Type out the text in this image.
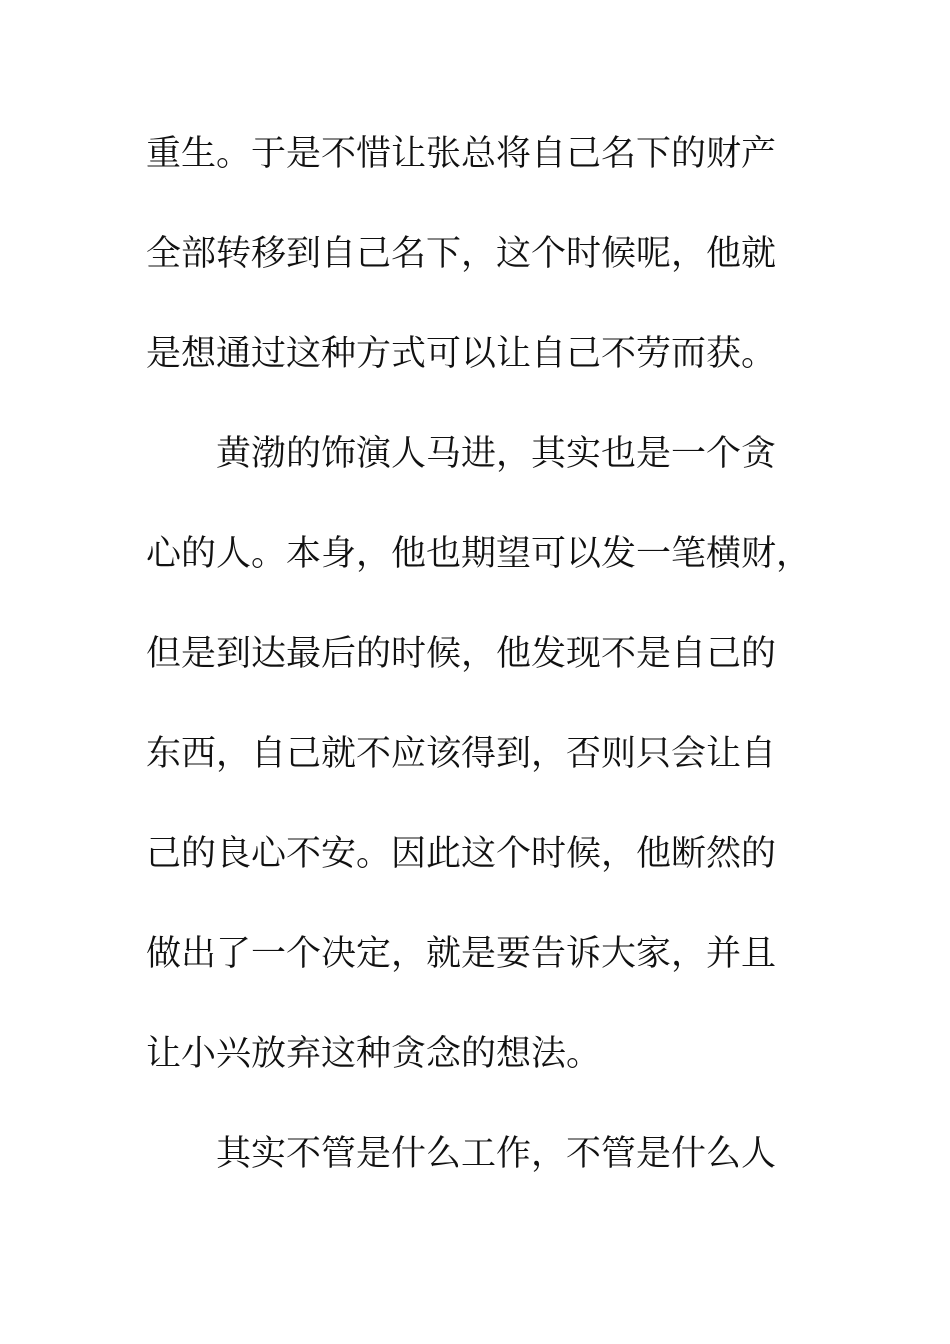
重生。于是不惜让张总将自己名下的财产
全部转移到自己名下，这个时候呢，他就
是想通过这种方式可以让自己不劳而获。
　　黄渤的饰演人马进，其实也是一个贪
心的人。本身，他也期望可以发一笔横财，
但是到达最后的时候，他发现不是自己的
东西，自己就不应该得到，否则只会让自
己的良心不安。因此这个时候，他断然的
做出了一个决定，就是要告诉大家，并且
让小兴放弃这种贪念的想法。
　　其实不管是什么工作，不管是什么人
